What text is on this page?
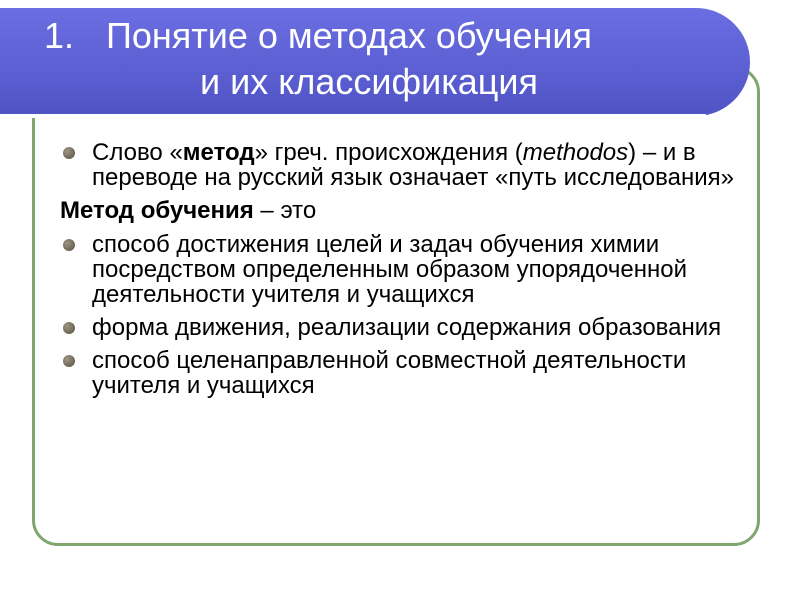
1. Понятие о методах обучения
и их классификация
Слово «метод» греч. происхождения (methodos) – и в переводе на русский язык означает «путь исследования»
Метод обучения – это
способ достижения целей и задач обучения химии посредством определенным образом упорядоченной деятельности учителя и учащихся
форма движения, реализации содержания образования
способ целенаправленной совместной деятельности учителя и учащихся
